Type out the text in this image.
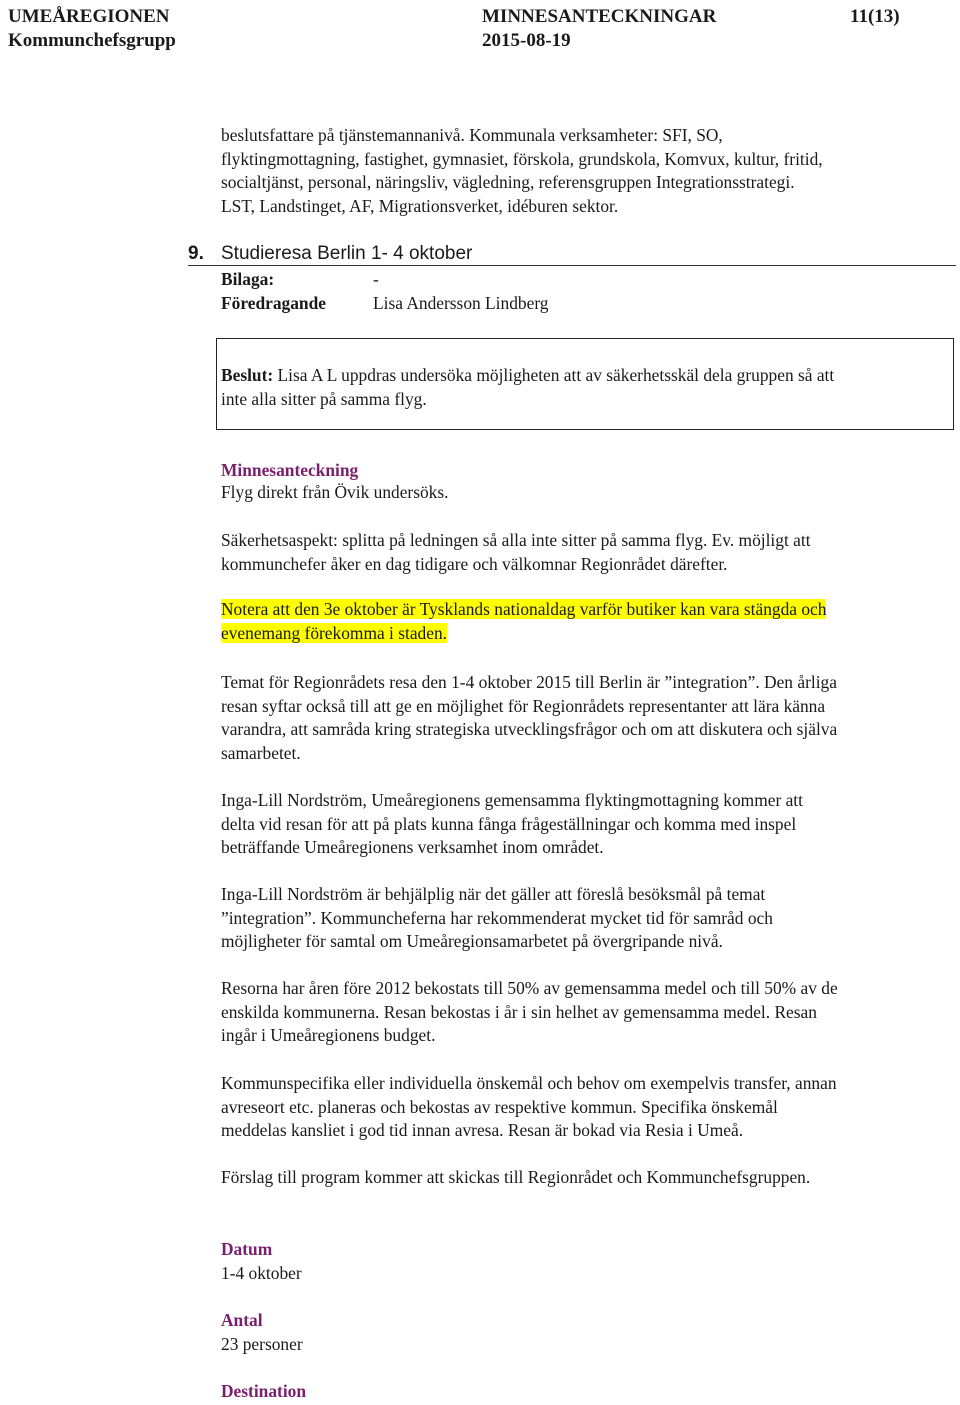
UMEÅREGIONEN
Kommunchefsgrupp
MINNESANTECKNINGAR
2015-08-19
11(13)
beslutsfattare på tjänstemannanivå. Kommunala verksamheter: SFI, SO,
flyktingmottagning, fastighet, gymnasiet, förskola, grundskola, Komvux, kultur, fritid,
socialtjänst, personal, näringsliv, vägledning, referensgruppen Integrationsstrategi.
LST, Landstinget, AF, Migrationsverket, idéburen sektor.
9. Studieresa Berlin 1- 4 oktober
Bilaga:	-
Föredragande	Lisa Andersson Lindberg
Beslut: Lisa A L uppdras undersöka möjligheten att av säkerhetsskäl dela gruppen så att
inte alla sitter på samma flyg.
Minnesanteckning
Flyg direkt från Övik undersöks.
Säkerhetsaspekt: splitta på ledningen så alla inte sitter på samma flyg. Ev. möjligt att
kommunchefer åker en dag tidigare och välkomnar Regionrådet därefter.
Notera att den 3e oktober är Tysklands nationaldag varför butiker kan vara stängda och
evenemang förekomma i staden.
Temat för Regionrådets resa den 1-4 oktober 2015 till Berlin är ”integration”. Den årliga
resan syftar också till att ge en möjlighet för Regionrådets representanter att lära känna
varandra, att samråda kring strategiska utvecklingsfrågor och om att diskutera och själva
samarbetet.
Inga-Lill Nordström, Umeåregionens gemensamma flyktingmottagning kommer att
delta vid resan för att på plats kunna fånga frågeställningar och komma med inspel
beträffande Umeåregionens verksamhet inom området.
Inga-Lill Nordström är behjälplig när det gäller att föreslå besöksmål på temat
”integration”. Kommuncheferna har rekommenderat mycket tid för samråd och
möjligheter för samtal om Umeåregionsamarbetet på övergripande nivå.
Resorna har åren före 2012 bekostats till 50% av gemensamma medel och till 50% av de
enskilda kommunerna. Resan bekostas i år i sin helhet av gemensamma medel. Resan
ingår i Umeåregionens budget.
Kommunspecifika eller individuella önskemål och behov om exempelvis transfer, annan
avreseort etc. planeras och bekostas av respektive kommun. Specifika önskemål
meddelas kansliet i god tid innan avresa. Resan är bokad via Resia i Umeå.
Förslag till program kommer att skickas till Regionrådet och Kommunchefsgruppen.
Datum
1-4 oktober
Antal
23 personer
Destination
